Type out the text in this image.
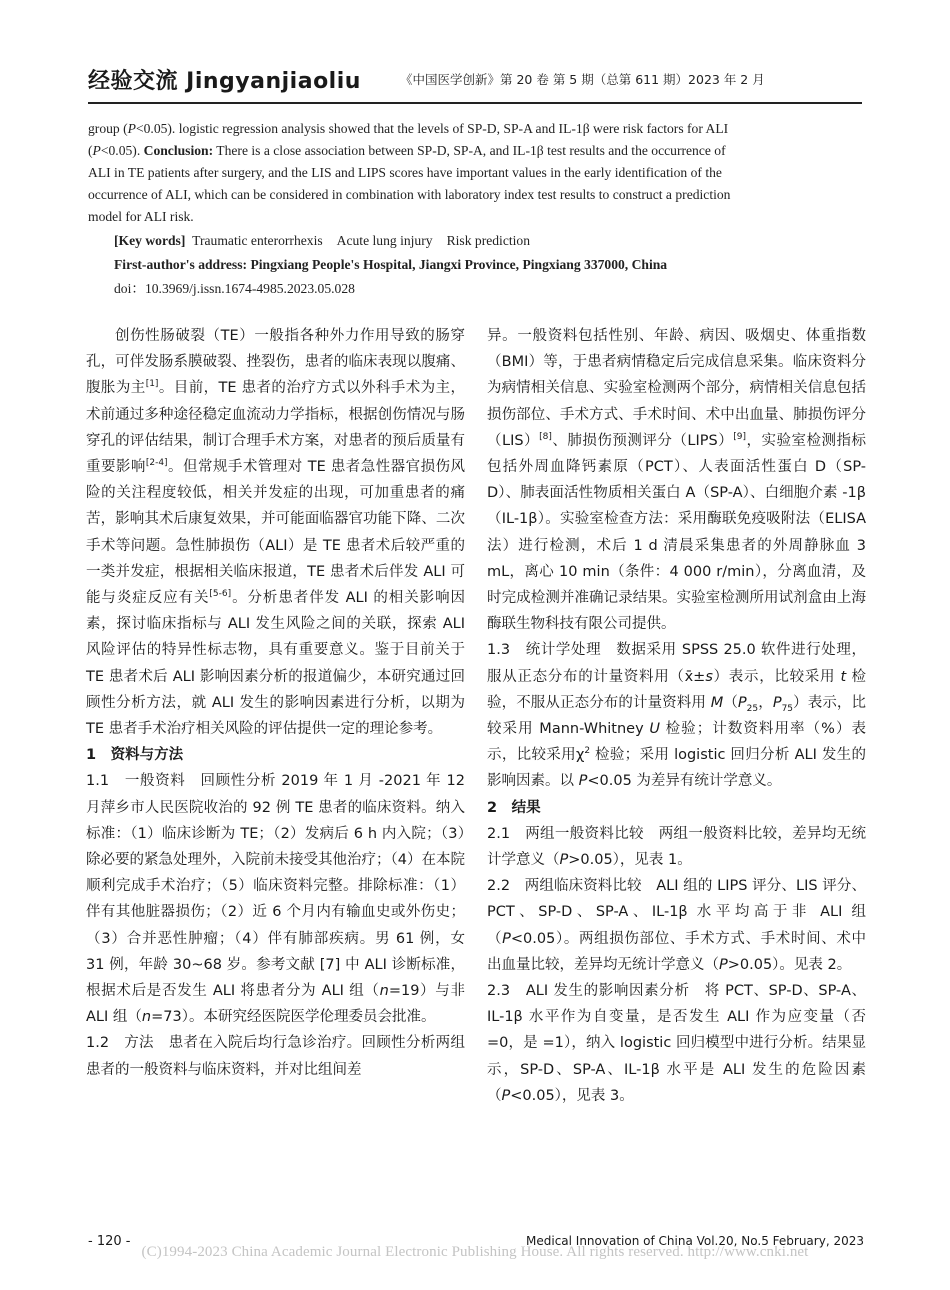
经验交流 Jingyanjiaoliu	《中国医学创新》第 20 卷 第 5 期（总第 611 期）2023 年 2 月

group (P<0.05). logistic regression analysis showed that the levels of SP-D, SP-A and IL-1β were risk factors for ALI (P<0.05). Conclusion: There is a close association between SP-D, SP-A, and IL-1β test results and the occurrence of ALI in TE patients after surgery, and the LIS and LIPS scores have important values in the early identification of the occurrence of ALI, which can be considered in combination with laboratory index test results to construct a prediction model for ALI risk.

[Key words] Traumatic enterorrhexis Acute lung injury Risk prediction

First-author's address: Pingxiang People's Hospital, Jiangxi Province, Pingxiang 337000, China

doi：10.3969/j.issn.1674-4985.2023.05.028

创伤性肠破裂（TE）一般指各种外力作用导致的肠穿孔，可伴发肠系膜破裂、挫裂伤，患者的临床表现以腹痛、腹胀为主[1]。目前，TE 患者的治疗方式以外科手术为主，术前通过多种途径稳定血流动力学指标，根据创伤情况与肠穿孔的评估结果，制订合理手术方案，对患者的预后质量有重要影响[2-4]。但常规手术管理对 TE 患者急性器官损伤风险的关注程度较低，相关并发症的出现，可加重患者的痛苦，影响其术后康复效果，并可能面临器官功能下降、二次手术等问题。急性肺损伤（ALI）是 TE 患者术后较严重的一类并发症，根据相关临床报道，TE 患者术后伴发 ALI 可能与炎症反应有关[5-6]。分析患者伴发 ALI 的相关影响因素，探讨临床指标与 ALI 发生风险之间的关联，探索 ALI 风险评估的特异性标志物，具有重要意义。鉴于目前关于 TE 患者术后 ALI 影响因素分析的报道偏少，本研究通过回顾性分析方法，就 ALI 发生的影响因素进行分析，以期为 TE 患者手术治疗相关风险的评估提供一定的理论参考。

1　资料与方法

1.1　一般资料　回顾性分析 2019 年 1 月 -2021 年 12 月萍乡市人民医院收治的 92 例 TE 患者的临床资料。纳入标准：（1）临床诊断为 TE；（2）发病后 6 h 内入院；（3）除必要的紧急处理外，入院前未接受其他治疗；（4）在本院顺利完成手术治疗；（5）临床资料完整。排除标准：（1）伴有其他脏器损伤；（2）近 6 个月内有输血史或外伤史；（3）合并恶性肿瘤；（4）伴有肺部疾病。男 61 例，女 31 例，年龄 30~68 岁。参考文献 [7] 中 ALI 诊断标准，根据术后是否发生 ALI 将患者分为 ALI 组（n=19）与非 ALI 组（n=73）。本研究经医院医学伦理委员会批准。

1.2　方法　患者在入院后均行急诊治疗。回顾性分析两组患者的一般资料与临床资料，并对比组间差

异。一般资料包括性别、年龄、病因、吸烟史、体重指数（BMI）等，于患者病情稳定后完成信息采集。临床资料分为病情相关信息、实验室检测两个部分，病情相关信息包括损伤部位、手术方式、手术时间、术中出血量、肺损伤评分（LIS）[8]、肺损伤预测评分（LIPS）[9]，实验室检测指标包括外周血降钙素原（PCT）、人表面活性蛋白 D（SP-D）、肺表面活性物质相关蛋白 A（SP-A）、白细胞介素 -1β（IL-1β）。实验室检查方法：采用酶联免疫吸附法（ELISA 法）进行检测，术后 1 d 清晨采集患者的外周静脉血 3 mL，离心 10 min（条件：4 000 r/min），分离血清，及时完成检测并准确记录结果。实验室检测所用试剂盒由上海酶联生物科技有限公司提供。

1.3　统计学处理　数据采用 SPSS 25.0 软件进行处理，服从正态分布的计量资料用（x̄±s）表示，比较采用 t 检验，不服从正态分布的计量资料用 $M(P_{25}$，$P_{75}$）表示，比较采用 Mann-Whitney U 检验；计数资料用率（%）表示，比较采用$\chi^2$ 检验；采用 logistic 回归分析 ALI 发生的影响因素。以 P<0.05 为差异有统计学意义。

2　结果

2.1　两组一般资料比较　两组一般资料比较，差异均无统计学意义（P>0.05），见表 1。

2.2　两组临床资料比较　ALI 组的 LIPS 评分、LIS 评分、PCT、SP-D、SP-A、IL-1β 水平均高于非 ALI 组（P<0.05）。两组损伤部位、手术方式、手术时间、术中出血量比较，差异均无统计学意义（P>0.05）。见表 2。

2.3　ALI 发生的影响因素分析　将 PCT、SP-D、SP-A、IL-1β 水平作为自变量，是否发生 ALI 作为应变量（否 =0，是 =1），纳入 logistic 回归模型中进行分析。结果显示，SP-D、SP-A、IL-1β 水平是 ALI 发生的危险因素（P<0.05），见表 3。

- 120 -	Medical Innovation of China Vol.20, No.5 February, 2023
(C)1994-2023 China Academic Journal Electronic Publishing House. All rights reserved. http://www.cnki.net
